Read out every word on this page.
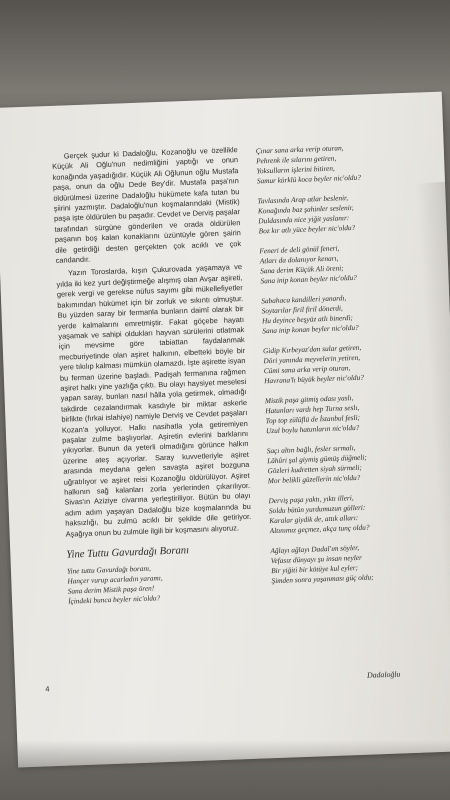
Gerçek şudur ki Dadaloğlu, Kozanoğlu ve özellikle Küçük Ali Oğlu'nun nedimliğini yaptığı ve onun konağında yaşadığıdır. Küçük Ali Oğlunun oğlu Mustafa paşa, onun da oğlu Dede Bey'dir. Mustafa paşa'nın öldürülmesi üzerine Dadaloğlu hükümete kafa tutan bu şiirini yazmıştır. Dadaloğlu'nun koşmalarındaki (Mistik) paşa işte öldürülen bu paşadır. Cevdet ve Derviş paşalar tarafından sürgüne gönderilen ve orada öldürülen paşanın boş kalan konaklarını üzüntüyle gören şairin dile getirdiği desten gerçekten çok acıklı ve çok candandır.

Yazın Toroslarda, kışın Çukurovada yaşamaya ve yılda iki kez yurt değiştirmeğe alışmış olan Avşar aşireti, gerek vergi ve gerekse nüfus sayımı gibi mükellefiyetler bakımından hükümet için bir zorluk ve sıkıntı olmuştur. Bu yüzden saray bir fermanla bunların daimî olarak bir yerde kalmalarını emretmiştir. Fakat göçebe hayatı yaşamak ve sahipi oldukları hayvan sürülerini otlatmak için mevsime göre tabiattan faydalanmak mecburiyetinde olan aşiret halkının, elbetteki böyle bir yere tıkılıp kalması mümkün olamazdı. İşte aşirette isyan bu ferman üzerine başladı. Padişah fermanına rağmen aşiret halkı yine yazlığa çıktı. Bu olayı haysiyet meselesi yapan saray, bunları nasıl hâlla yola getirmek, olmadığı takdirde cezalandırmak kasdıyle bir miktar askerle birlikte (fırkai islahiye) namiyle Derviş ve Cevdet paşaları Kozan'a yolluyor. Halkı nasihatla yola getiremiyen paşalar zulme başlıyorlar. Aşiretin evlerini barklarını yıkıyorlar. Bunun da yeterli olmadığını görünce halkın üzerine ateş açıyorlar. Saray kuvvetleriyle aşiret arasında meydana gelen savaşta aşiret bozguna uğratılıyor ve aşiret reisi Kozanoğlu öldürülüyor. Aşiret halkının sağ kalanları zorla yerlerinden çıkarılıyor. Sivas'ın Aziziye civarına yerleştiriliyor. Bütün bu olayı adım adım yaşayan Dadaloğlu bize koşmalarında bu haksızlığı, bu zulmü acıklı bir şekilde dile getiriyor. Aşağıya onun bu zulmüle ilgili bir koşmasını alıyoruz.

Yine Tuttu Gavurdağı Boranı
Yine tuttu Gavurdağı boranı,
Hançer vurup acarladın yaramı,
Sana derim Mistik paşa ören!
İçindeki bunca beyler nic'oldu?
Çınar sana arka verip oturan,
Pehrenk ile sılarını getiren,
Yoksulların işlerini bitiren,
Samur kürklü koca beyler nic'oldu?
Tavlasında Arap atlar beslenir,
Konağında baz şahinler seslenir,
Duldasında nice yiğit yaslanır:
Boz kır atlı yüce beyler nic'oldu?
Feneri de deli gönül feneri,
Atları da dolanıyor kenarı,
Sana derim Küçük Ali öreni;
Sana inip konan beyler nic'oldu?
Sabahaca kandilleri yanardı,
Soytarılar firil firil dönerdi,
Hu deyince beşyüz atlı binerdi;
Sana inip konan beyler nic'oldu?
Gidip Kırbeyaz'dan sular getiren,
Döri yanında meyvelerin yetiren,
Cümi sana arka verip oturan,
Havrana'lı büyük beyler nic'oldu?
Mistik paşa gitmiş odası yaslı,
Hatunları vardı hep Turna seslı,
Top top zülüflü de İstanbul fesli;
Uzul boylu hatunların nic'oldu?
Saçı altın bağlı, fesler sırmalı,
Lâhûri şal giymiş gümüş düğmeli;
Gözleri kudretten siyah sürmeli;
Mor belikli güzellerin nic'oldu?
Derviş paşa yaktı, yıktı illeri,
Soldu bütün yurdumuzun gülleri:
Karalar giydik de, attık alları:
Altınımız geçmez, akça tunç oldu?
Ağlayı ağlayı Dadal'ım söyler,
Vefasız dünyayı şu insan neyler
Bir yiğiti bir kötüye kul eyler;
Şimden sonra yaşanması güç oldu;
4
Dadaloğlu
